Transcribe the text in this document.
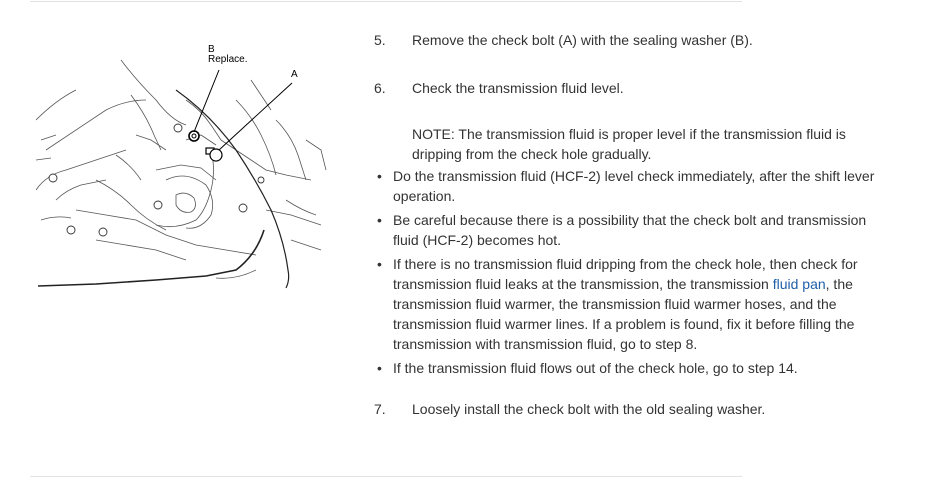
B
Replace.
A
5.	Remove the check bolt (A) with the sealing washer (B).
6.	Check the transmission fluid level.
NOTE: The transmission fluid is proper level if the transmission fluid is dripping from the check hole gradually.
• Do the transmission fluid (HCF-2) level check immediately, after the shift lever operation.
• Be careful because there is a possibility that the check bolt and transmission fluid (HCF-2) becomes hot.
• If there is no transmission fluid dripping from the check hole, then check for transmission fluid leaks at the transmission, the transmission fluid pan, the transmission fluid warmer, the transmission fluid warmer hoses, and the transmission fluid warmer lines. If a problem is found, fix it before filling the transmission with transmission fluid, go to step 8.
• If the transmission fluid flows out of the check hole, go to step 14.
7.	Loosely install the check bolt with the old sealing washer.
